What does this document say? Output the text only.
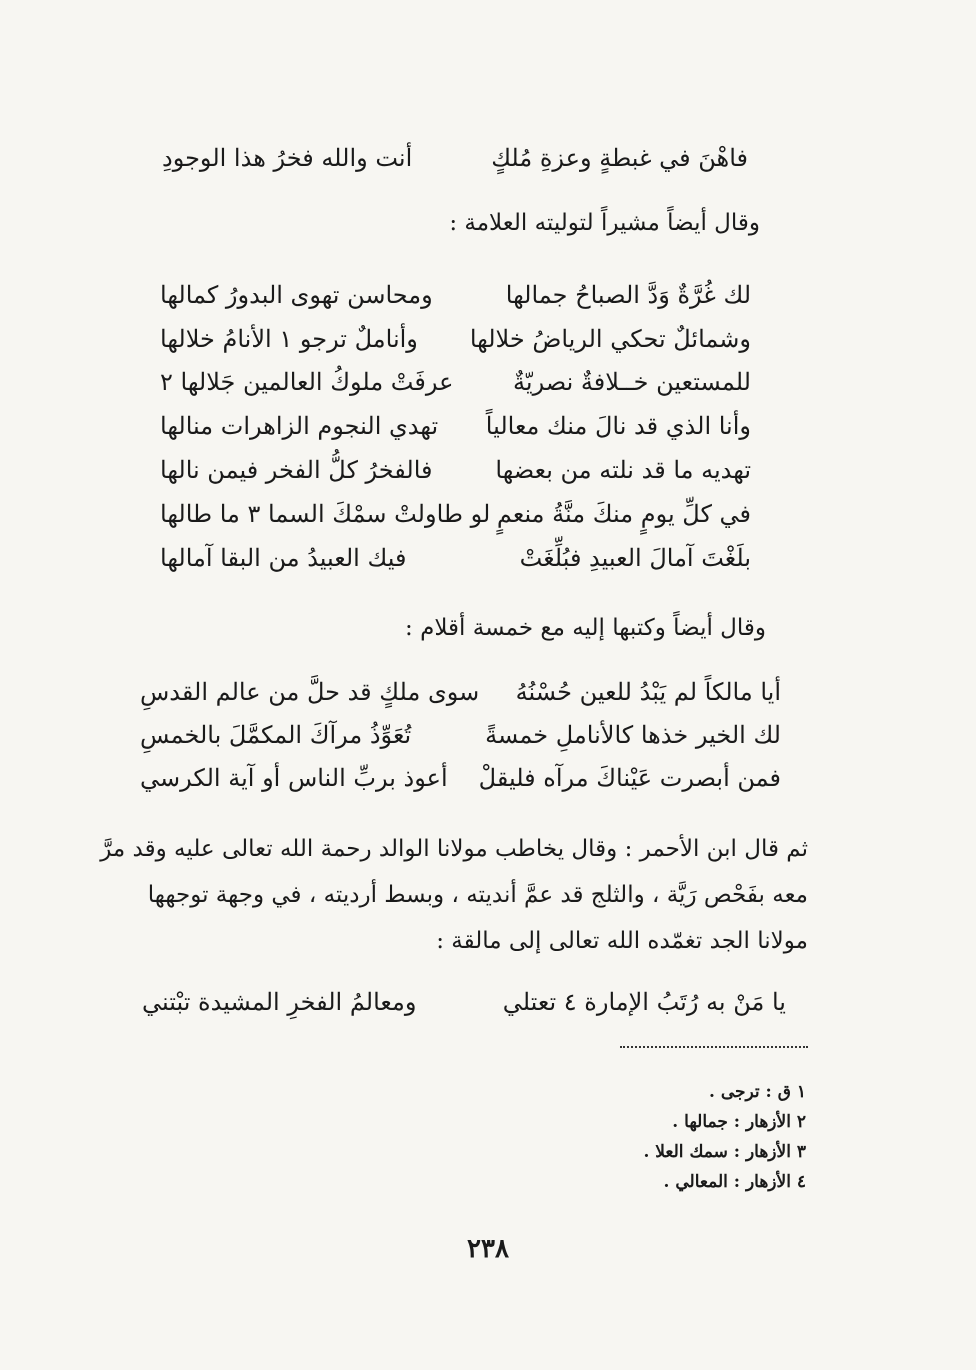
فاهْنَ في غبطةٍ وعزةِ مُلكٍ
أنت والله فخرُ هذا الوجودِ
وقال أيضاً مشيراً لتوليته العلامة :
لك غُرَّةٌ وَدَّ الصباحُ جمالها
ومحاسن تهوى البدورُ كمالها
وشمائلٌ تحكي الرياضُ خلالها
وأناملٌ ترجو ١ الأنامُ خلالها
للمستعين خــلافةٌ نصريّةٌ
عرفَتْ ملوكُ العالمين جَلالها ٢
وأنا الذي قد نالَ منك معالياً
تهدي النجوم الزاهرات منالها
تهديه ما قد نلته من بعضها
فالفخرُ كلُّ الفخر فيمن نالها
في كلِّ يومٍ منكَ منَّةُ منعمٍ
لو طاولتْ سمْكَ السما ٣ ما طالها
بلَغْتَ آمالَ العبيدِ فبُلِّغَتْ
فيك العبيدُ من البقا آمالها
وقال أيضاً وكتبها إليه مع خمسة أقلام :
أيا مالكاً لم يَبْدُ للعين حُسْنُهُ
سوى ملكٍ قد حلَّ من عالم القدسِ
لك الخير خذها كالأناملِ خمسةً
تُعَوِّذُ مرآكَ المكمَّلَ بالخمسِ
فمن أبصرت عَيْناكَ مرآه فليقلْ
أعوذ بربِّ الناس أو آية الكرسي
ثم قال ابن الأحمر : وقال يخاطب مولانا الوالد رحمة الله تعالى عليه وقد مرَّ
معه بفَحْص رَيَّة ، والثلج قد عمَّ أنديته ، وبسط أرديته ، في وجهة توجهها
مولانا الجد تغمّده الله تعالى إلى مالقة :
يا مَنْ به رُتَبُ الإمارة ٤ تعتلي
ومعالمُ الفخرِ المشيدة تبْتني
١ ق : ترجى .
٢ الأزهار : جمالها .
٣ الأزهار : سمك العلا .
٤ الأزهار : المعالي .
٢٣٨
